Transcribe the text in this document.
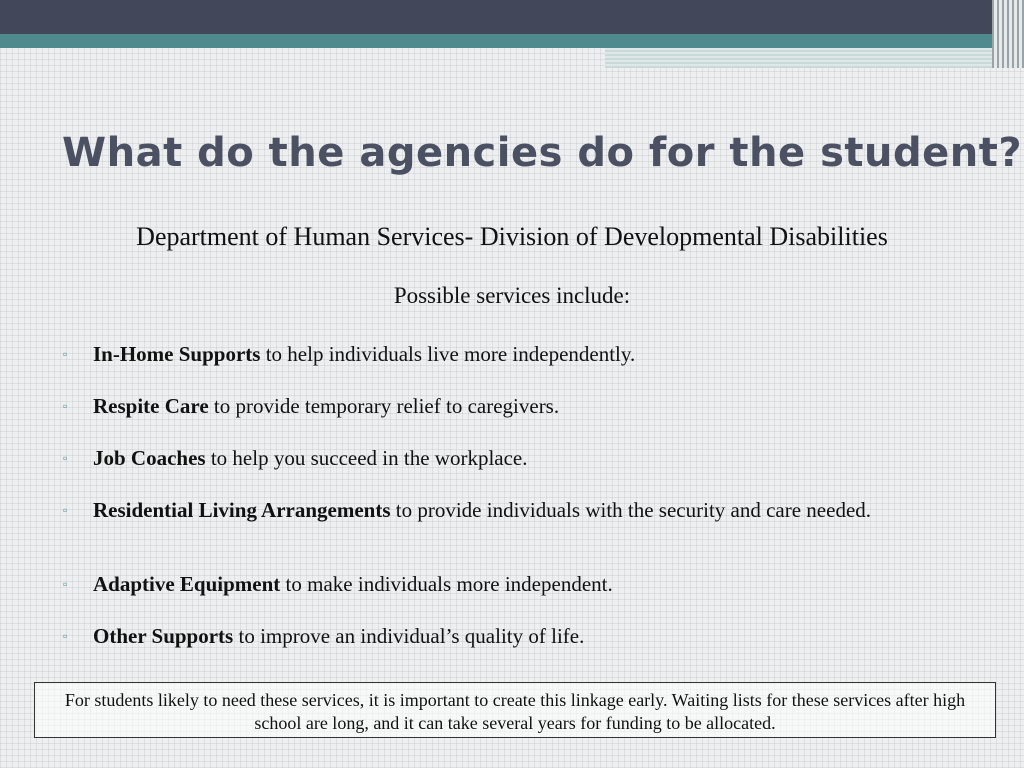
What do the agencies do for the student?
Department of Human Services- Division of Developmental Disabilities
Possible services include:
▫ In-Home Supports to help individuals live more independently.
▫ Respite Care to provide temporary relief to caregivers.
▫ Job Coaches to help you succeed in the workplace.
▫ Residential Living Arrangements to provide individuals with the security and care needed.
▫ Adaptive Equipment to make individuals more independent.
▫ Other Supports to improve an individual’s quality of life.
For students likely to need these services, it is important to create this linkage early. Waiting lists for these services after high school are long, and it can take several years for funding to be allocated.
